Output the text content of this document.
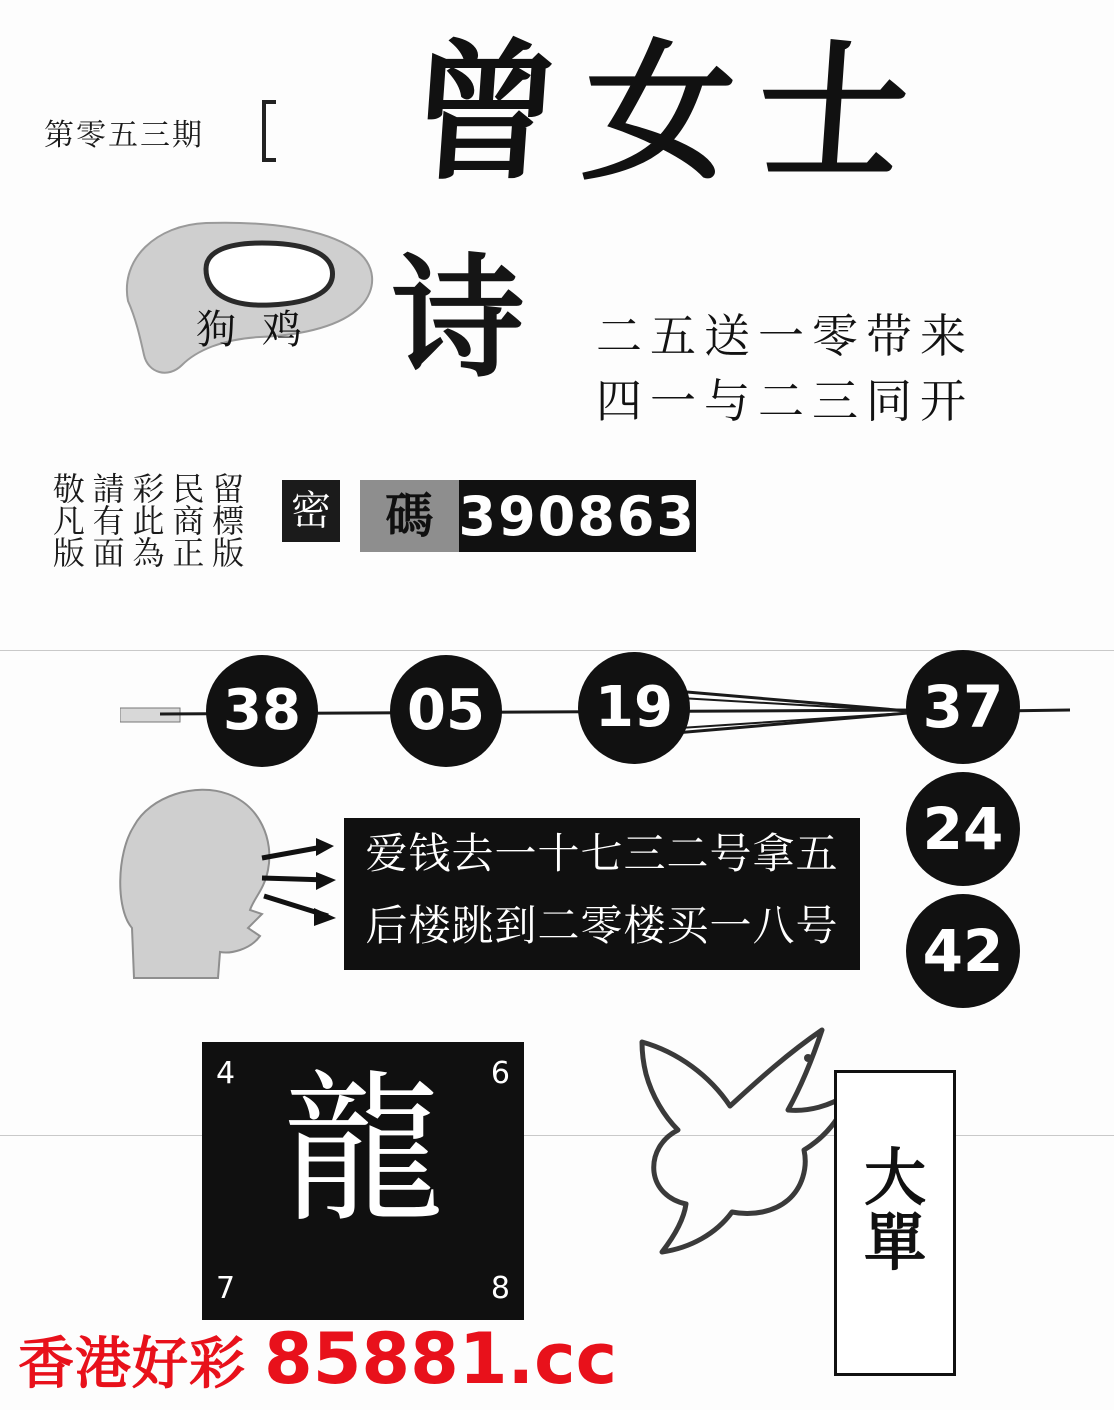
第零五三期 曾女士
狗鸡 诗 二五送一零带来
四一与二三同开
留標版
民商正
彩此為
請有面
敬凡版	密	碼 390863
38	05	19	37
24
42
爱钱去一十七三二号拿五
后楼跳到二零楼买一八号
4	6
龍
7	8
大
單
香港好彩 85881.cc
